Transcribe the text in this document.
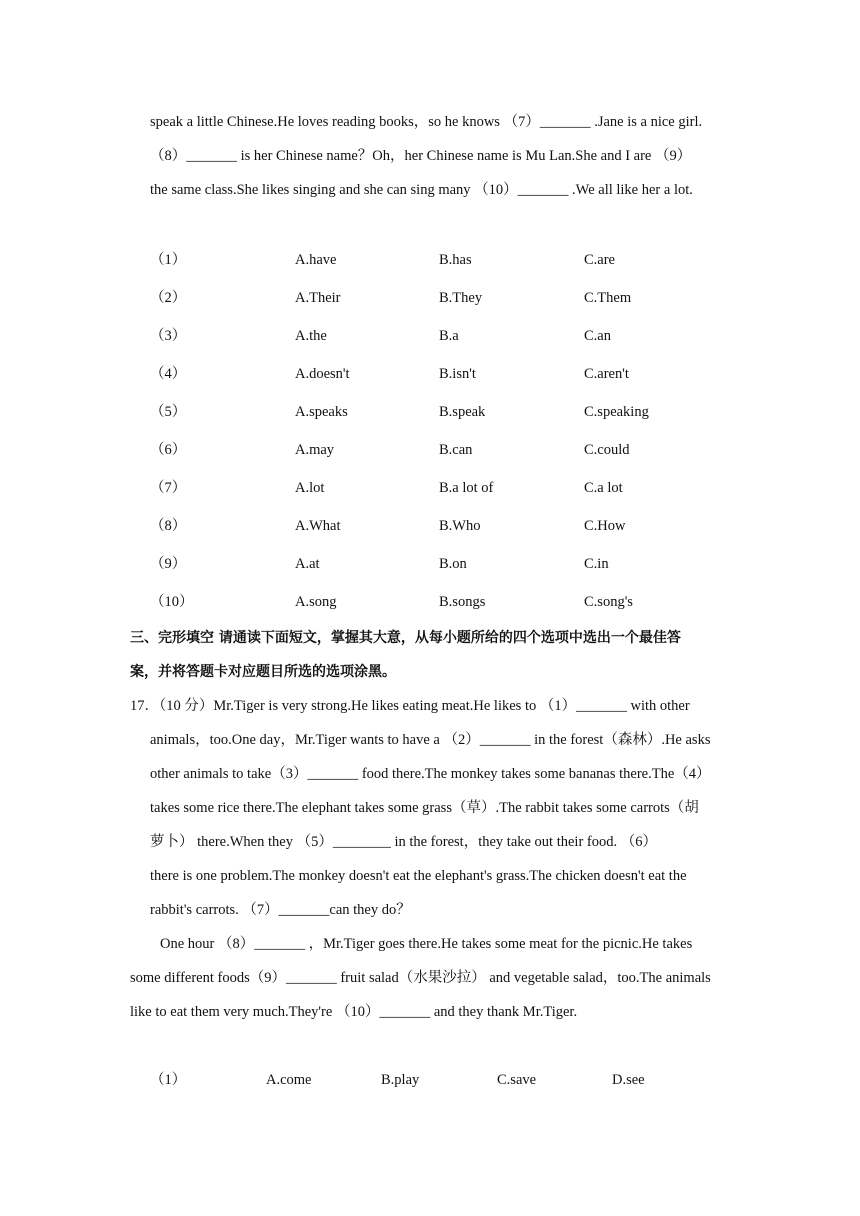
speak a little Chinese.He loves reading books，so he knows （7）_______ .Jane is a nice girl.
（8）_______ is her Chinese name？Oh，her Chinese name is Mu Lan.She and I are （9）
the same class.She likes singing and she can sing many （10）_______ .We all like her a lot.
（1）	A.have	B.has	C.are
（2）	A.Their	B.They	C.Them
（3）	A.the	B.a	C.an
（4）	A.doesn't	B.isn't	C.aren't
（5）	A.speaks	B.speak	C.speaking
（6）	A.may	B.can	C.could
（7）	A.lot	B.a lot of	C.a lot
（8）	A.What	B.Who	C.How
（9）	A.at	B.on	C.in
（10）	A.song	B.songs	C.song's
三、完形填空 请通读下面短文，掌握其大意，从每小题所给的四个选项中选出一个最佳答
案，并将答题卡对应题目所选的选项涂黑。
17．（10 分）Mr.Tiger is very strong.He likes eating meat.He likes to （1）_______ with other
animals，too.One day，Mr.Tiger wants to have a （2）_______ in the forest（森林）.He asks
other animals to take（3）_______ food there.The monkey takes some bananas there.The（4）
takes some rice there.The elephant takes some grass（草）.The rabbit takes some carrots（胡
萝卜） there.When they （5）________ in the forest，they take out their food. （6）
there is one problem.The monkey doesn't eat the elephant's grass.The chicken doesn't eat the
rabbit's carrots. （7）_______can they do？
One hour （8）_______ ，Mr.Tiger goes there.He takes some meat for the picnic.He takes
some different foods（9）_______ fruit salad（水果沙拉） and vegetable salad，too.The animals
like to eat them very much.They're （10）_______ and they thank Mr.Tiger.
（1）	A.come	B.play	C.save	D.see
